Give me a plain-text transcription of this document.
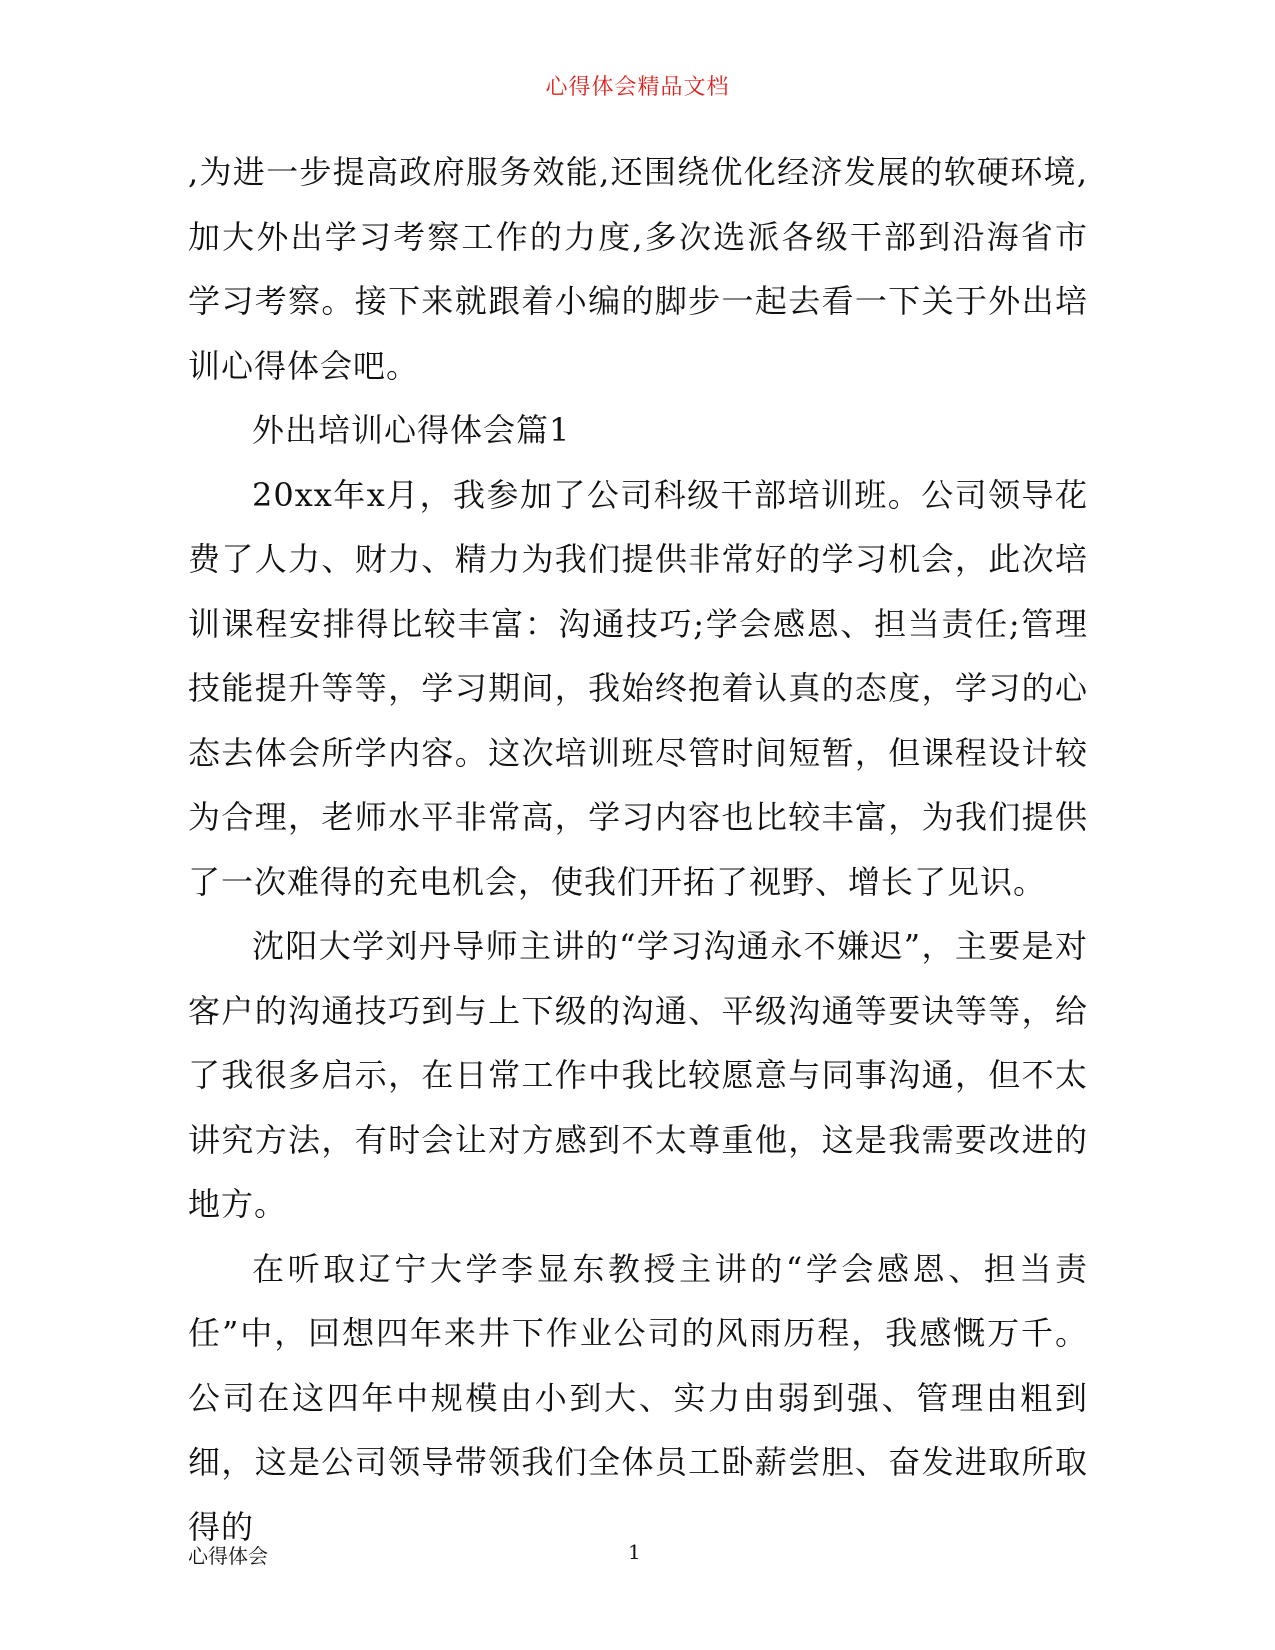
心得体会精品文档

,为进一步提高政府服务效能,还围绕优化经济发展的软硬环境,加大外出学习考察工作的力度,多次选派各级干部到沿海省市学习考察。接下来就跟着小编的脚步一起去看一下关于外出培训心得体会吧。

外出培训心得体会篇1

20xx年x月，我参加了公司科级干部培训班。公司领导花费了人力、财力、精力为我们提供非常好的学习机会，此次培训课程安排得比较丰富：沟通技巧;学会感恩、担当责任;管理技能提升等等，学习期间，我始终抱着认真的态度，学习的心态去体会所学内容。这次培训班尽管时间短暂，但课程设计较为合理，老师水平非常高，学习内容也比较丰富，为我们提供了一次难得的充电机会，使我们开拓了视野、增长了见识。

沈阳大学刘丹导师主讲的“学习沟通永不嫌迟”，主要是对客户的沟通技巧到与上下级的沟通、平级沟通等要诀等等，给了我很多启示，在日常工作中我比较愿意与同事沟通，但不太讲究方法，有时会让对方感到不太尊重他，这是我需要改进的地方。

在听取辽宁大学李显东教授主讲的“学会感恩、担当责任”中，回想四年来井下作业公司的风雨历程，我感慨万千。公司在这四年中规模由小到大、实力由弱到强、管理由粗到细，这是公司领导带领我们全体员工卧薪尝胆、奋发进取所取得的

心得体会	1
